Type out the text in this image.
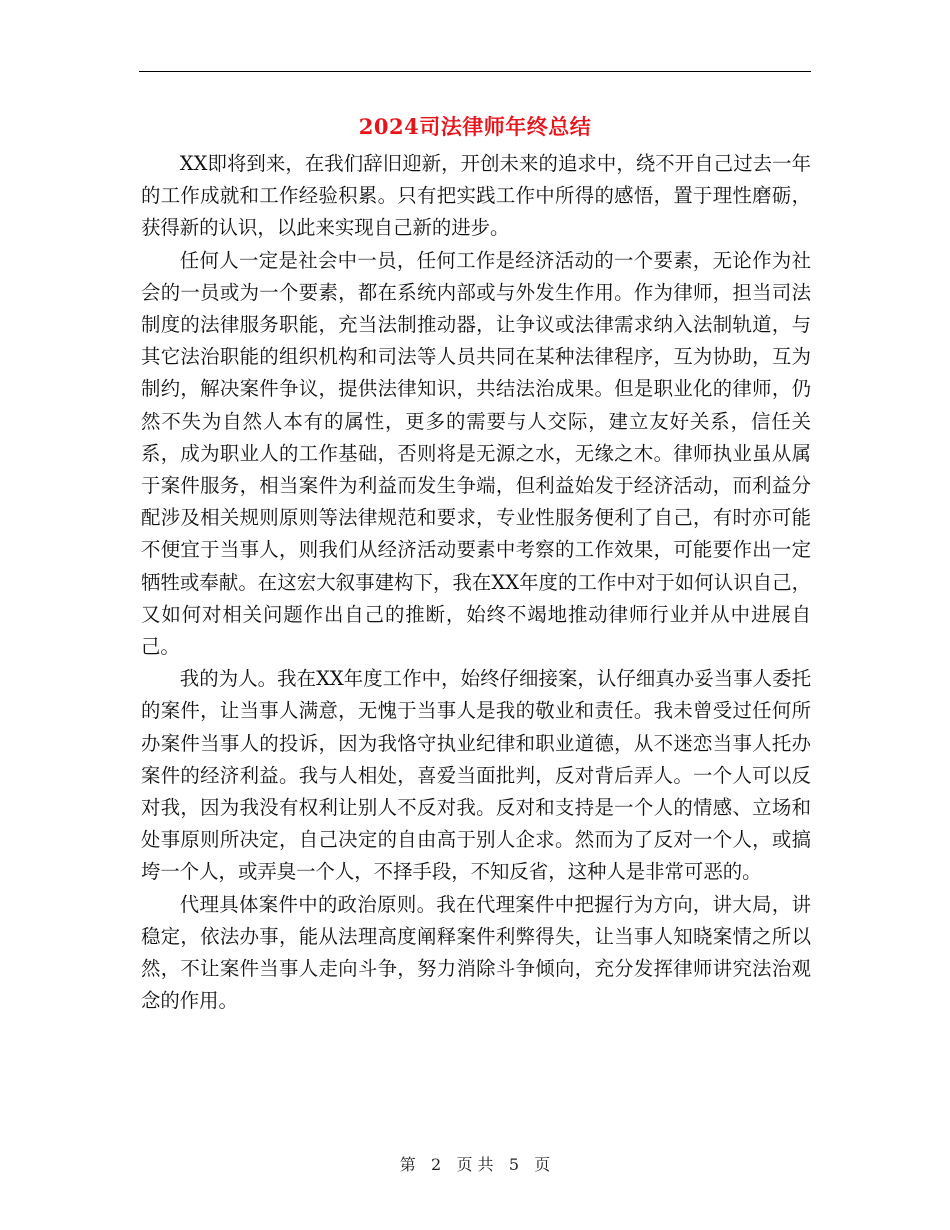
2024司法律师年终总结

XX即将到来，在我们辞旧迎新，开创未来的追求中，绕不开自己过去一年的工作成就和工作经验积累。只有把实践工作中所得的感悟，置于理性磨砺，获得新的认识，以此来实现自己新的进步。

任何人一定是社会中一员，任何工作是经济活动的一个要素，无论作为社会的一员或为一个要素，都在系统内部或与外发生作用。作为律师，担当司法制度的法律服务职能，充当法制推动器，让争议或法律需求纳入法制轨道，与其它法治职能的组织机构和司法等人员共同在某种法律程序，互为协助，互为制约，解决案件争议，提供法律知识，共结法治成果。但是职业化的律师，仍然不失为自然人本有的属性，更多的需要与人交际，建立友好关系，信任关系，成为职业人的工作基础，否则将是无源之水，无缘之木。律师执业虽从属于案件服务，相当案件为利益而发生争端，但利益始发于经济活动，而利益分配涉及相关规则原则等法律规范和要求，专业性服务便利了自己，有时亦可能不便宜于当事人，则我们从经济活动要素中考察的工作效果，可能要作出一定牺牲或奉献。在这宏大叙事建构下，我在XX年度的工作中对于如何认识自己，又如何对相关问题作出自己的推断，始终不竭地推动律师行业并从中进展自己。

我的为人。我在XX年度工作中，始终仔细接案，认仔细真办妥当事人委托的案件，让当事人满意，无愧于当事人是我的敬业和责任。我未曾受过任何所办案件当事人的投诉，因为我恪守执业纪律和职业道德，从不迷恋当事人托办案件的经济利益。我与人相处，喜爱当面批判，反对背后弄人。一个人可以反对我，因为我没有权利让别人不反对我。反对和支持是一个人的情感、立场和处事原则所决定，自己决定的自由高于别人企求。然而为了反对一个人，或搞垮一个人，或弄臭一个人，不择手段，不知反省，这种人是非常可恶的。

代理具体案件中的政治原则。我在代理案件中把握行为方向，讲大局，讲稳定，依法办事，能从法理高度阐释案件利弊得失，让当事人知晓案情之所以然，不让案件当事人走向斗争，努力消除斗争倾向，充分发挥律师讲究法治观念的作用。

第 2 页 共 5 页
